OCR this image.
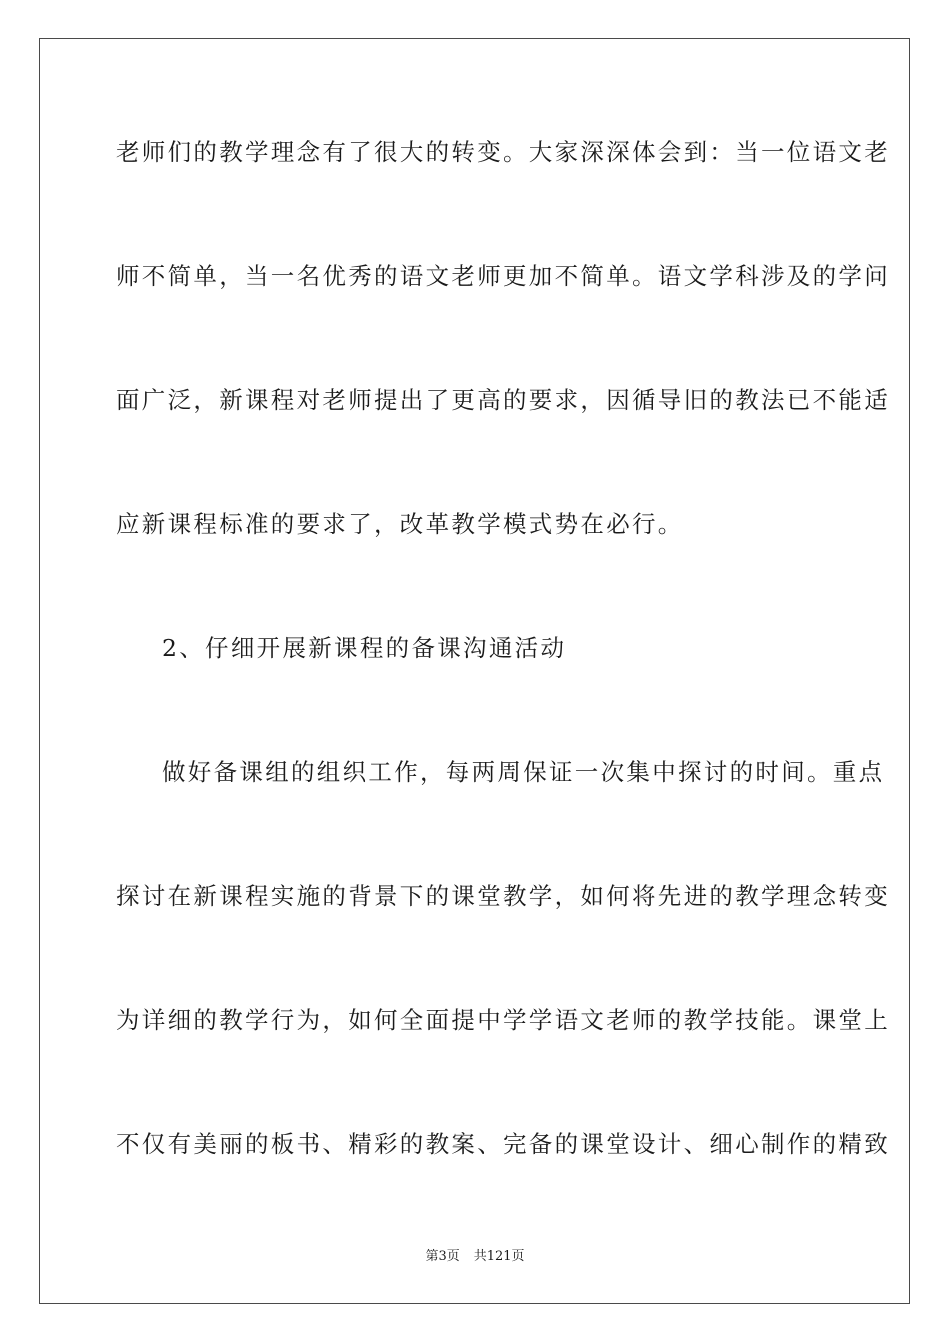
老师们的教学理念有了很大的转变。大家深深体会到：当一位语文老
师不简单，当一名优秀的语文老师更加不简单。语文学科涉及的学问
面广泛，新课程对老师提出了更高的要求，因循导旧的教法已不能适
应新课程标准的要求了，改革教学模式势在必行。
2、仔细开展新课程的备课沟通活动
做好备课组的组织工作，每两周保证一次集中探讨的时间。重点
探讨在新课程实施的背景下的课堂教学，如何将先进的教学理念转变
为详细的教学行为，如何全面提中学学语文老师的教学技能。课堂上
不仅有美丽的板书、精彩的教案、完备的课堂设计、细心制作的精致
第3页 共121页
